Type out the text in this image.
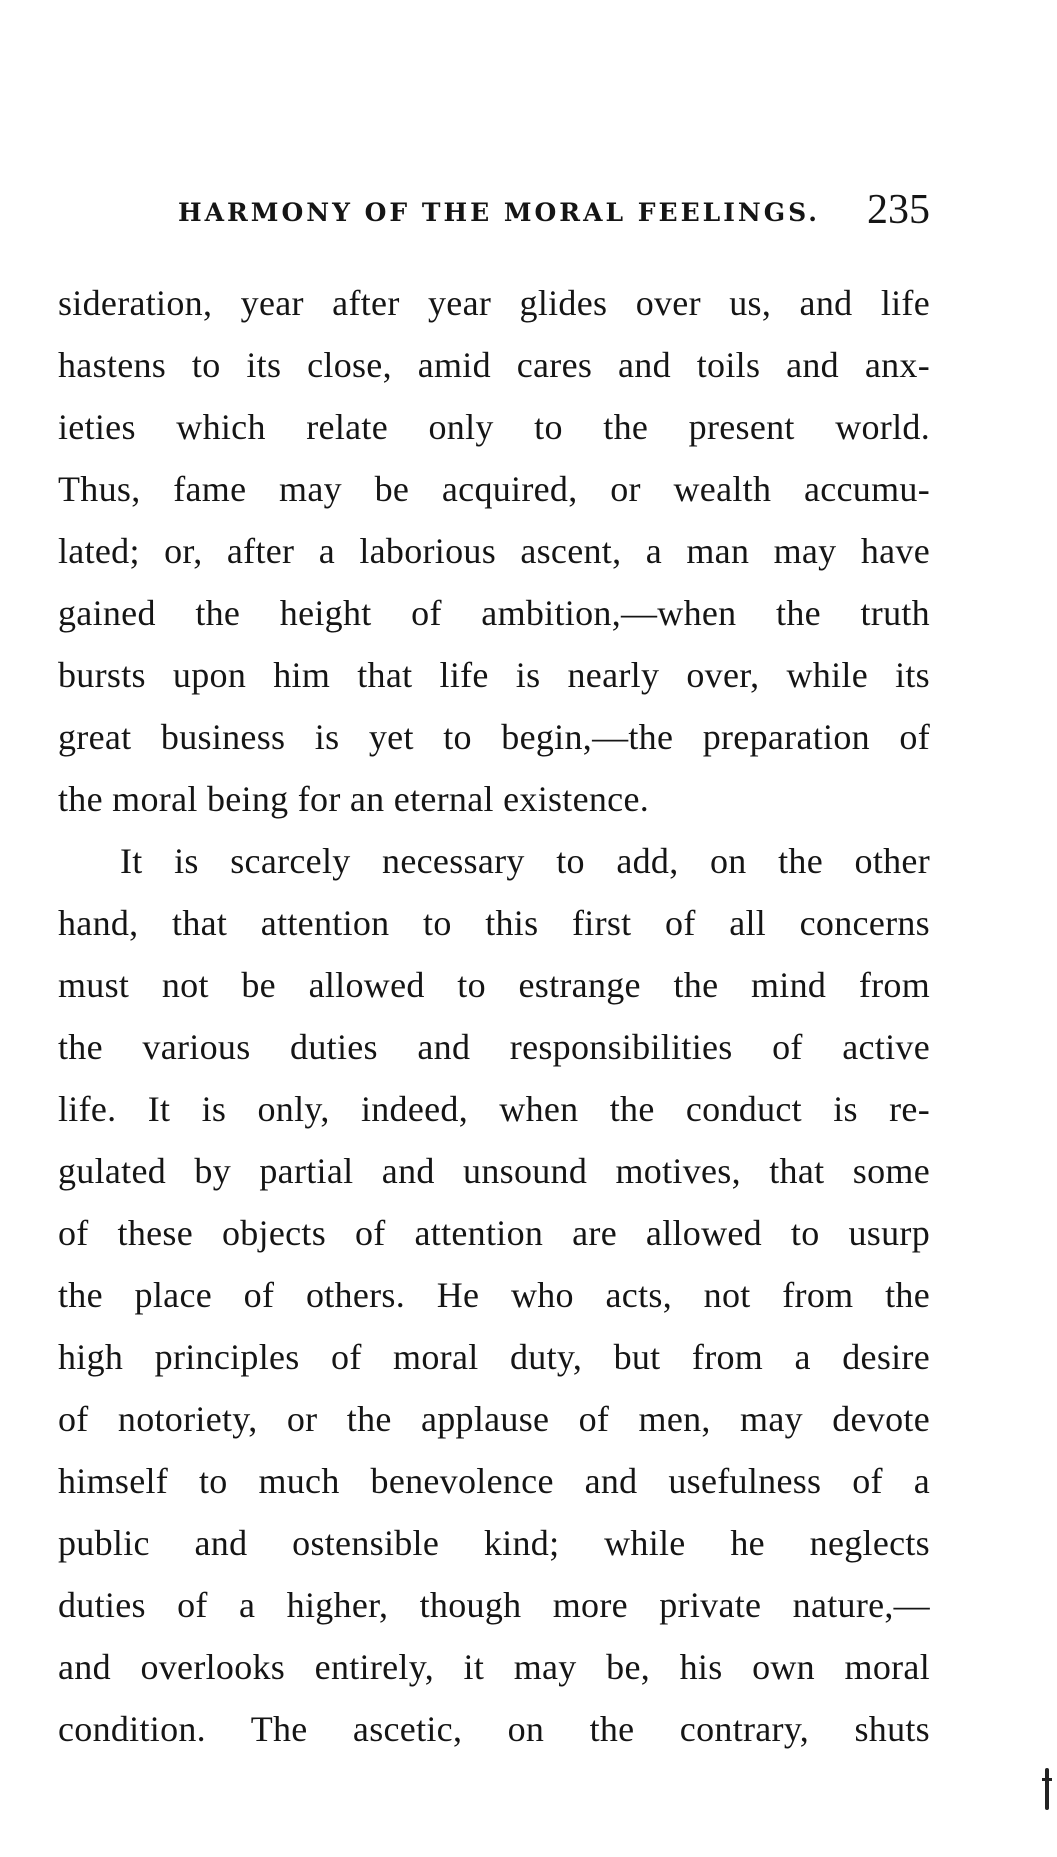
HARMONY OF THE MORAL FEELINGS. 235
sideration, year after year glides over us, and life
hastens to its close, amid cares and toils and anx-
ieties which relate only to the present world.
Thus, fame may be acquired, or wealth accumu-
lated; or, after a laborious ascent, a man may have
gained the height of ambition,—when the truth
bursts upon him that life is nearly over, while its
great business is yet to begin,—the preparation of
the moral being for an eternal existence.
It is scarcely necessary to add, on the other
hand, that attention to this first of all concerns
must not be allowed to estrange the mind from
the various duties and responsibilities of active
life. It is only, indeed, when the conduct is re-
gulated by partial and unsound motives, that some
of these objects of attention are allowed to usurp
the place of others. He who acts, not from the
high principles of moral duty, but from a desire
of notoriety, or the applause of men, may devote
himself to much benevolence and usefulness of a
public and ostensible kind; while he neglects
duties of a higher, though more private nature,—
and overlooks entirely, it may be, his own moral
condition. The ascetic, on the contrary, shuts
